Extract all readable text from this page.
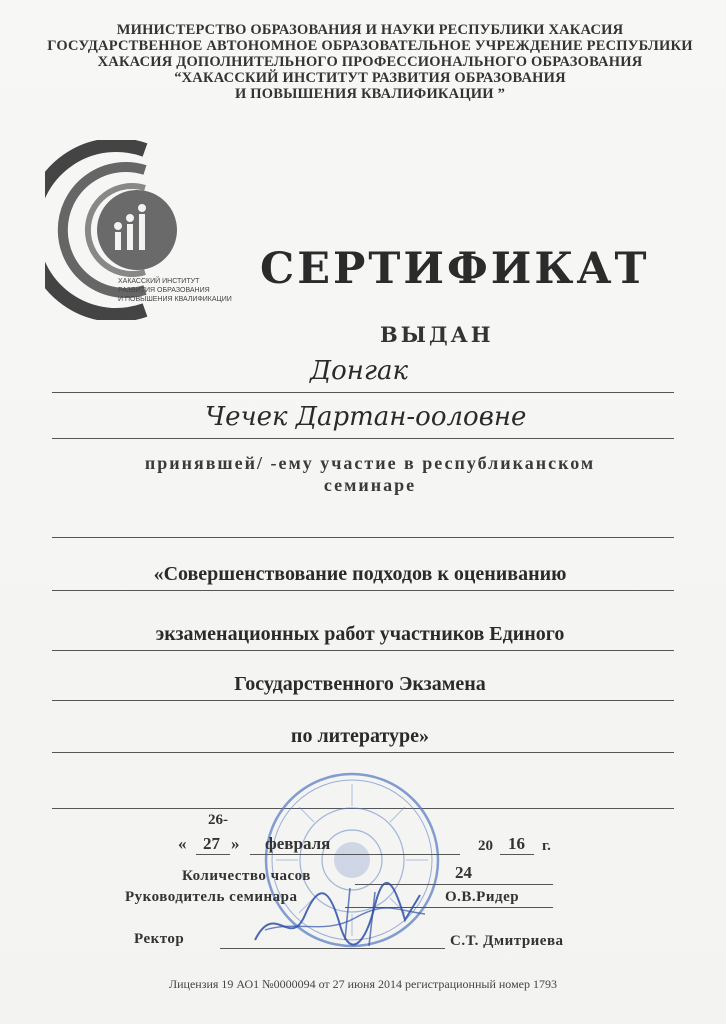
МИНИСТЕРСТВО ОБРАЗОВАНИЯ И НАУКИ РЕСПУБЛИКИ ХАКАСИЯ
ГОСУДАРСТВЕННОЕ АВТОНОМНОЕ ОБРАЗОВАТЕЛЬНОЕ УЧРЕЖДЕНИЕ РЕСПУБЛИКИ
ХАКАСИЯ ДОПОЛНИТЕЛЬНОГО ПРОФЕССИОНАЛЬНОГО ОБРАЗОВАНИЯ
“ХАКАССКИЙ ИНСТИТУТ РАЗВИТИЯ ОБРАЗОВАНИЯ
И ПОВЫШЕНИЯ КВАЛИФИКАЦИИ ”
ХАКАССКИЙ ИНСТИТУТ
РАЗВИТИЯ ОБРАЗОВАНИЯ
И ПОВЫШЕНИЯ КВАЛИФИКАЦИИ
СЕРТИФИКАТ
ВЫДАН
Донгак
Чечек Дартан-ооловне
принявшей/ -ему участие в республиканском
семинаре
«Совершенствование подходов к оцениванию
экзаменационных работ участников Единого
Государственного Экзамена
по литературе»
26-
« 27 » февраля	20 16 г.
Количество часов	24
Руководитель семинара	О.В.Ридер
Ректор	С.Т. Дмитриева
Лицензия 19 АО1 №0000094 от 27 июня 2014 регистрационный номер 1793
